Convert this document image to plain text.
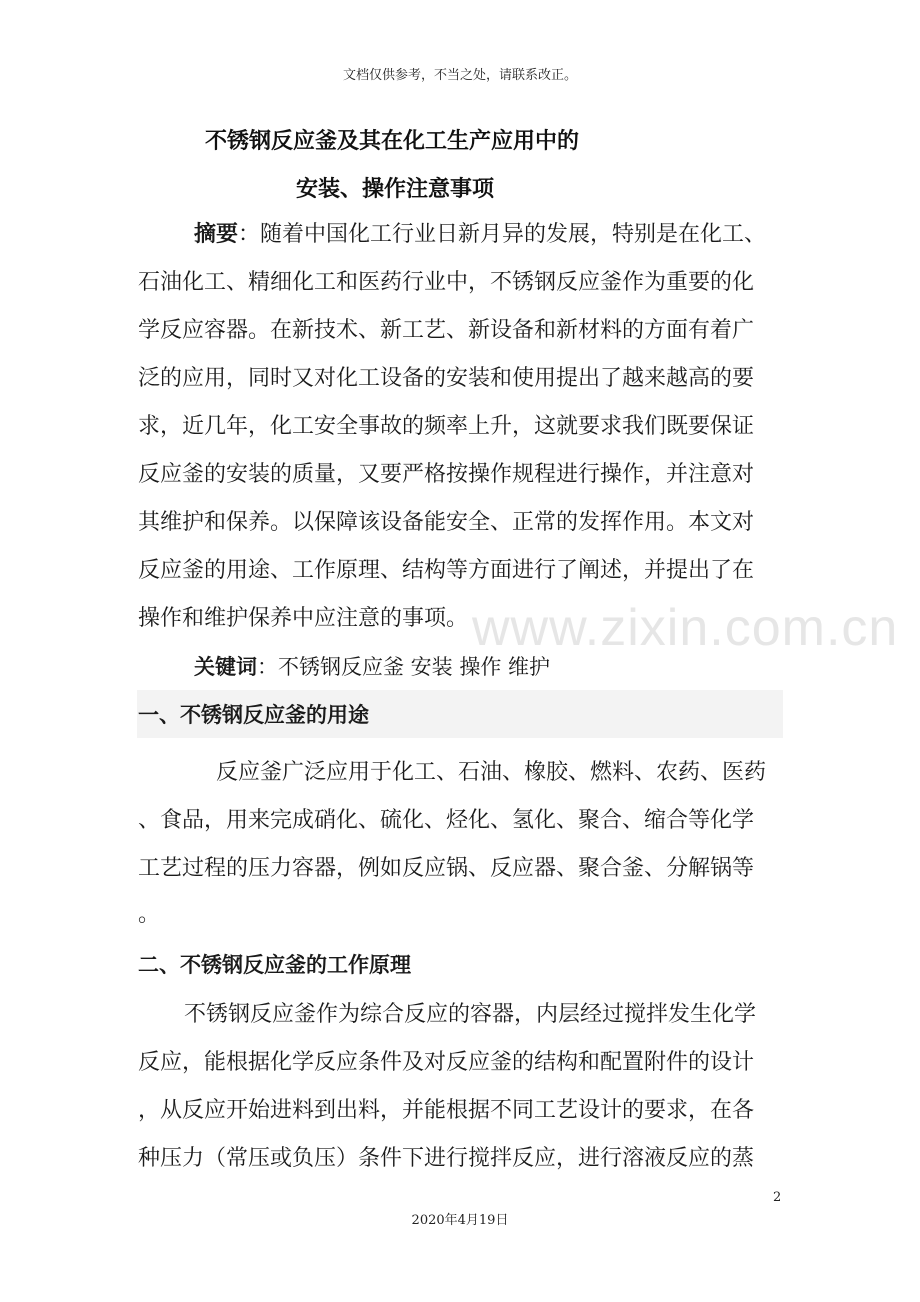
文档仅供参考，不当之处，请联系改正。
不锈钢反应釜及其在化工生产应用中的
安装、操作注意事项
摘要：随着中国化工行业日新月异的发展，特别是在化工、
石油化工、精细化工和医药行业中，不锈钢反应釜作为重要的化
学反应容器。在新技术、新工艺、新设备和新材料的方面有着广
泛的应用，同时又对化工设备的安装和使用提出了越来越高的要
求，近几年，化工安全事故的频率上升，这就要求我们既要保证
反应釜的安装的质量，又要严格按操作规程进行操作，并注意对
其维护和保养。以保障该设备能安全、正常的发挥作用。本文对
反应釜的用途、工作原理、结构等方面进行了阐述，并提出了在
www.zixin.com.cn
操作和维护保养中应注意的事项。
关键词：不锈钢反应釜 安装 操作 维护
一、不锈钢反应釜的用途
反应釜广泛应用于化工、石油、橡胶、燃料、农药、医药
、食品，用来完成硝化、硫化、烃化、氢化、聚合、缩合等化学
工艺过程的压力容器，例如反应锅、反应器、聚合釜、分解锅等
。
二、不锈钢反应釜的工作原理
不锈钢反应釜作为综合反应的容器，内层经过搅拌发生化学
反应，能根据化学反应条件及对反应釜的结构和配置附件的设计
，从反应开始进料到出料，并能根据不同工艺设计的要求，在各
种压力（常压或负压）条件下进行搅拌反应，进行溶液反应的蒸
2
2020年4月19日
